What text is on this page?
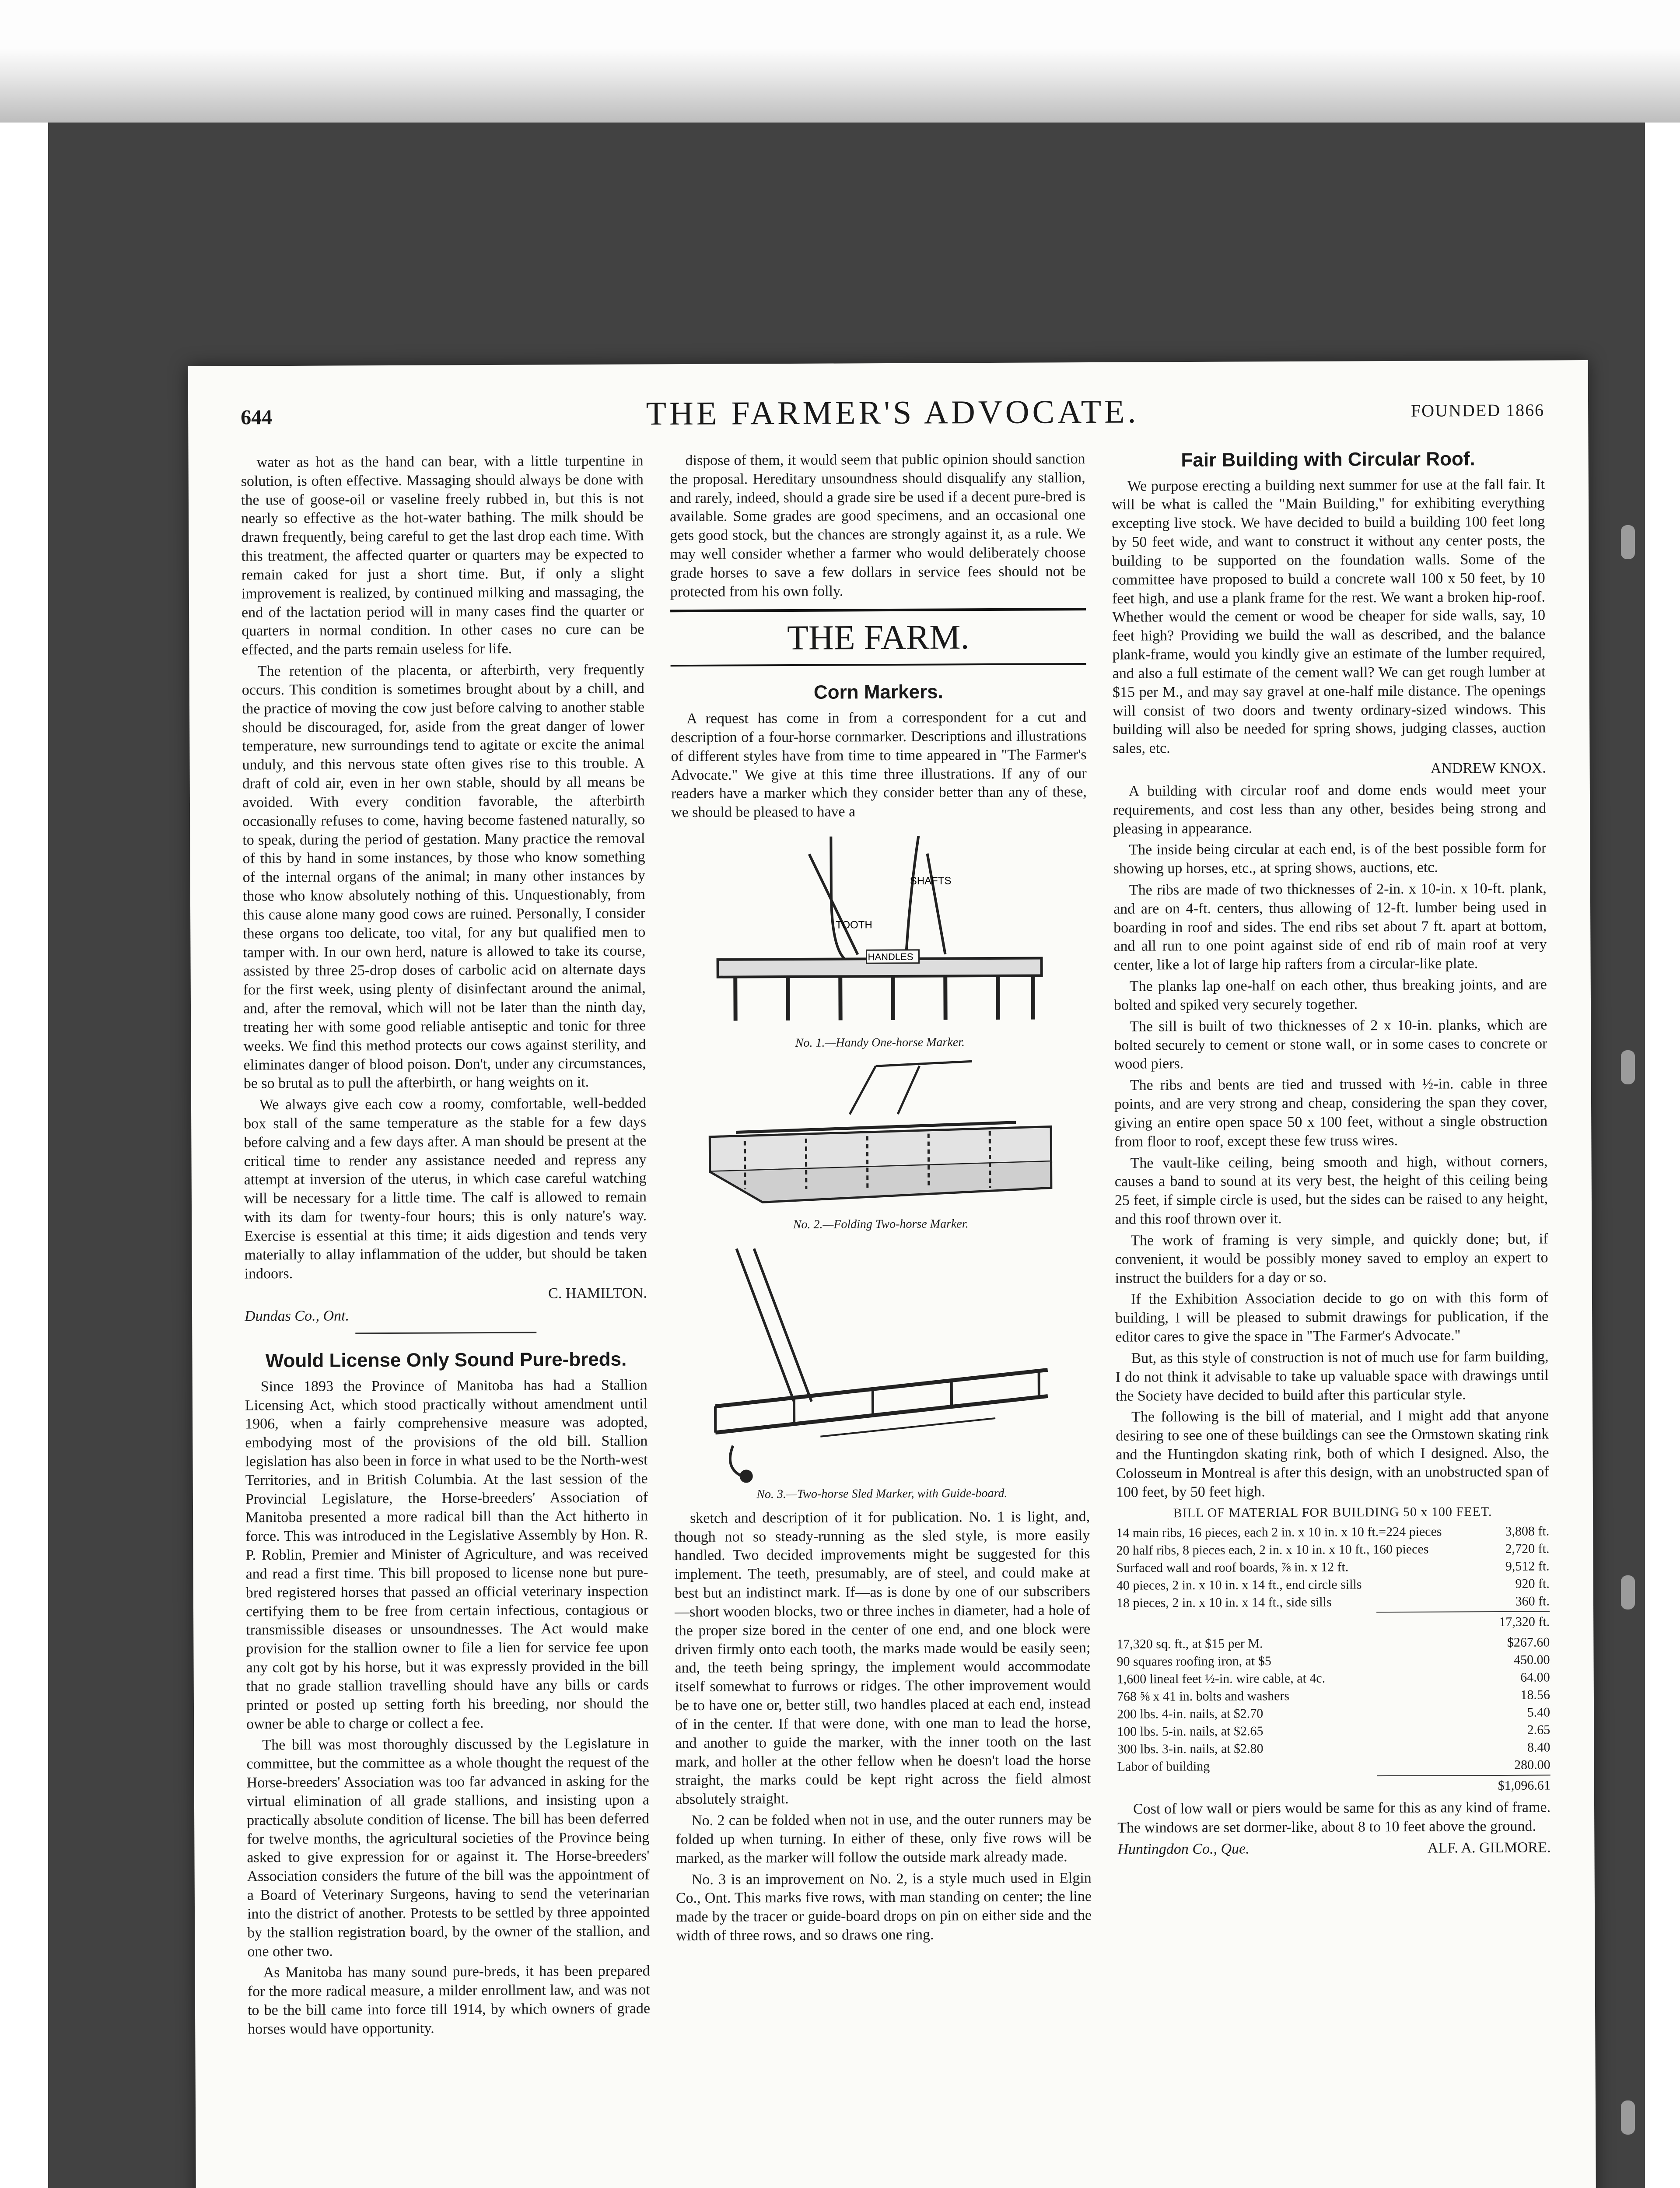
644	THE FARMER'S ADVOCATE.	FOUNDED 1866

water as hot as the hand can bear, with a little turpentine in solution, is often effective. Massaging should always be done with the use of goose-oil or vaseline freely rubbed in, but this is not nearly so effective as the hot-water bathing. The milk should be drawn frequently, being careful to get the last drop each time. With this treatment, the affected quarter or quarters may be expected to remain caked for just a short time. But, if only a slight improvement is realized, by continued milking and massaging, the end of the lactation period will in many cases find the quarter or quarters in normal condition. In other cases no cure can be effected, and the parts remain useless for life.

The retention of the placenta, or afterbirth, very frequently occurs. This condition is sometimes brought about by a chill, and the practice of moving the cow just before calving to another stable should be discouraged, for, aside from the great danger of lower temperature, new surroundings tend to agitate or excite the animal unduly, and this nervous state often gives rise to this trouble. A draft of cold air, even in her own stable, should by all means be avoided. With every condition favorable, the afterbirth occasionally refuses to come, having become fastened naturally, so to speak, during the period of gestation. Many practice the removal of this by hand in some instances, by those who know something of the internal organs of the animal; in many other instances by those who know absolutely nothing of this. Unquestionably, from this cause alone many good cows are ruined. Personally, I consider these organs too delicate, too vital, for any but qualified men to tamper with. In our own herd, nature is allowed to take its course, assisted by three 25-drop doses of carbolic acid on alternate days for the first week, using plenty of disinfectant around the animal, and, after the removal, which will not be later than the ninth day, treating her with some good reliable antiseptic and tonic for three weeks. We find this method protects our cows against sterility, and eliminates danger of blood poison. Don't, under any circumstances, be so brutal as to pull the afterbirth, or hang weights on it.

We always give each cow a roomy, comfortable, well-bedded box stall of the same temperature as the stable for a few days before calving and a few days after. A man should be present at the critical time to render any assistance needed and repress any attempt at inversion of the uterus, in which case careful watching will be necessary for a little time. The calf is allowed to remain with its dam for twenty-four hours; this is only nature's way. Exercise is essential at this time; it aids digestion and tends very materially to allay inflammation of the udder, but should be taken indoors.

C. HAMILTON.

Dundas Co., Ont.

Would License Only Sound Pure-breds.

Since 1893 the Province of Manitoba has had a Stallion Licensing Act, which stood practically without amendment until 1906, when a fairly comprehensive measure was adopted, embodying most of the provisions of the old bill. Stallion legislation has also been in force in what used to be the North-west Territories, and in British Columbia. At the last session of the Provincial Legislature, the Horse-breeders' Association of Manitoba presented a more radical bill than the Act hitherto in force. This was introduced in the Legislative Assembly by Hon. R. P. Roblin, Premier and Minister of Agriculture, and was received and read a first time. This bill proposed to license none but pure-bred registered horses that passed an official veterinary inspection certifying them to be free from certain infectious, contagious or transmissible diseases or unsoundnesses. The Act would make provision for the stallion owner to file a lien for service fee upon any colt got by his horse, but it was expressly provided in the bill that no grade stallion travelling should have any bills or cards printed or posted up setting forth his breeding, nor should the owner be able to charge or collect a fee.

The bill was most thoroughly discussed by the Legislature in committee, but the committee as a whole thought the request of the Horse-breeders' Association was too far advanced in asking for the virtual elimination of all grade stallions, and insisting upon a practically absolute condition of license. The bill has been deferred for twelve months, the agricultural societies of the Province being asked to give expression for or against it. The Horse-breeders' Association considers the future of the bill was the appointment of a Board of Veterinary Surgeons, having to send the veterinarian into the district of another. Protests to be settled by three appointed by the stallion registration board, by the owner of the stallion, and one other two.

As Manitoba has many sound pure-breds, it has been prepared for the more radical measure, a milder enrollment law, and was not to be the bill came into force till 1914, by which owners of grade horses would have opportunity.

dispose of them, it would seem that public opinion should sanction the proposal. Hereditary unsoundness should disqualify any stallion, and rarely, indeed, should a grade sire be used if a decent pure-bred is available. Some grades are good specimens, and an occasional one gets good stock, but the chances are strongly against it, as a rule. We may well consider whether a farmer who would deliberately choose grade horses to save a few dollars in service fees should not be protected from his own folly.

THE FARM.
Corn Markers.

A request has come in from a correspondent for a cut and description of a four-horse cornmarker. Descriptions and illustrations of different styles have from time to time appeared in "The Farmer's Advocate." We give at this time three illustrations. If any of our readers have a marker which they consider better than any of these, we should be pleased to have a

TOOTH
SHAFTS
HANDLES
No. 1.—Handy One-horse Marker.
No. 2.—Folding Two-horse Marker.
No. 3.—Two-horse Sled Marker, with Guide-board.

sketch and description of it for publication. No. 1 is light, and, though not so steady-running as the sled style, is more easily handled. Two decided improvements might be suggested for this implement. The teeth, presumably, are of steel, and could make at best but an indistinct mark. If—as is done by one of our subscribers—short wooden blocks, two or three inches in diameter, had a hole of the proper size bored in the center of one end, and one block were driven firmly onto each tooth, the marks made would be easily seen; and, the teeth being springy, the implement would accommodate itself somewhat to furrows or ridges. The other improvement would be to have one or, better still, two handles placed at each end, instead of in the center. If that were done, with one man to lead the horse, and another to guide the marker, with the inner tooth on the last mark, and holler at the other fellow when he doesn't load the horse straight, the marks could be kept right across the field almost absolutely straight.

No. 2 can be folded when not in use, and the outer runners may be folded up when turning. In either of these, only five rows will be marked, as the marker will follow the outside mark already made.

No. 3 is an improvement on No. 2, is a style much used in Elgin Co., Ont. This marks five rows, with man standing on center; the line made by the tracer or guide-board drops on pin on either side and the width of three rows, and so draws one ring.

Fair Building with Circular Roof.

We purpose erecting a building next summer for use at the fall fair. It will be what is called the "Main Building," for exhibiting everything excepting live stock. We have decided to build a building 100 feet long by 50 feet wide, and want to construct it without any center posts, the building to be supported on the foundation walls. Some of the committee have proposed to build a concrete wall 100 x 50 feet, by 10 feet high, and use a plank frame for the rest. We want a broken hip-roof. Whether would the cement or wood be cheaper for side walls, say, 10 feet high? Providing we build the wall as described, and the balance plank-frame, would you kindly give an estimate of the lumber required, and also a full estimate of the cement wall? We can get rough lumber at $15 per M., and may say gravel at one-half mile distance. The openings will consist of two doors and twenty ordinary-sized windows. This building will also be needed for spring shows, judging classes, auction sales, etc.

ANDREW KNOX.

A building with circular roof and dome ends would meet your requirements, and cost less than any other, besides being strong and pleasing in appearance.

The inside being circular at each end, is of the best possible form for showing up horses, etc., at spring shows, auctions, etc.

The ribs are made of two thicknesses of 2-in. x 10-in. x 10-ft. plank, and are on 4-ft. centers, thus allowing of 12-ft. lumber being used in boarding in roof and sides. The end ribs set about 7 ft. apart at bottom, and all run to one point against side of end rib of main roof at very center, like a lot of large hip rafters from a circular-like plate.

The planks lap one-half on each other, thus breaking joints, and are bolted and spiked very securely together.

The sill is built of two thicknesses of 2 x 10-in. planks, which are bolted securely to cement or stone wall, or in some cases to concrete or wood piers.

The ribs and bents are tied and trussed with ½-in. cable in three points, and are very strong and cheap, considering the span they cover, giving an entire open space 50 x 100 feet, without a single obstruction from floor to roof, except these few truss wires.

The vault-like ceiling, being smooth and high, without corners, causes a band to sound at its very best, the height of this ceiling being 25 feet, if simple circle is used, but the sides can be raised to any height, and this roof thrown over it.

The work of framing is very simple, and quickly done; but, if convenient, it would be possibly money saved to employ an expert to instruct the builders for a day or so.

If the Exhibition Association decide to go on with this form of building, I will be pleased to submit drawings for publication, if the editor cares to give the space in "The Farmer's Advocate."

But, as this style of construction is not of much use for farm building, I do not think it advisable to take up valuable space with drawings until the Society have decided to build after this particular style.

The following is the bill of material, and I might add that anyone desiring to see one of these buildings can see the Ormstown skating rink and the Huntingdon skating rink, both of which I designed. Also, the Colosseum in Montreal is after this design, with an unobstructed span of 100 feet, by 50 feet high.

BILL OF MATERIAL FOR BUILDING 50 x 100 FEET.
14 main ribs, 16 pieces, each 2 in. x 10 in. x 10 ft.=224 pieces	3,808 ft.
20 half ribs, 8 pieces each, 2 in. x 10 in. x 10 ft., 160 pieces	2,720 ft.
Surfaced wall and roof boards, ⅞ in. x 12 ft.	9,512 ft.
40 pieces, 2 in. x 10 in. x 14 ft., end circle sills	920 ft.
18 pieces, 2 in. x 10 in. x 14 ft., side sills	360 ft.
17,320 ft.
17,320 sq. ft., at $15 per M.	$267.60
90 squares roofing iron, at $5	450.00
1,600 lineal feet ½-in. wire cable, at 4c.	64.00
768 ⅝ x 41 in. bolts and washers	18.56
200 lbs. 4-in. nails, at $2.70	5.40
100 lbs. 5-in. nails, at $2.65	2.65
300 lbs. 3-in. nails, at $2.80	8.40
Labor of building	280.00
$1,096.61

Cost of low wall or piers would be same for this as any kind of frame. The windows are set dormer-like, about 8 to 10 feet above the ground.

Huntingdon Co., Que.	ALF. A. GILMORE.
